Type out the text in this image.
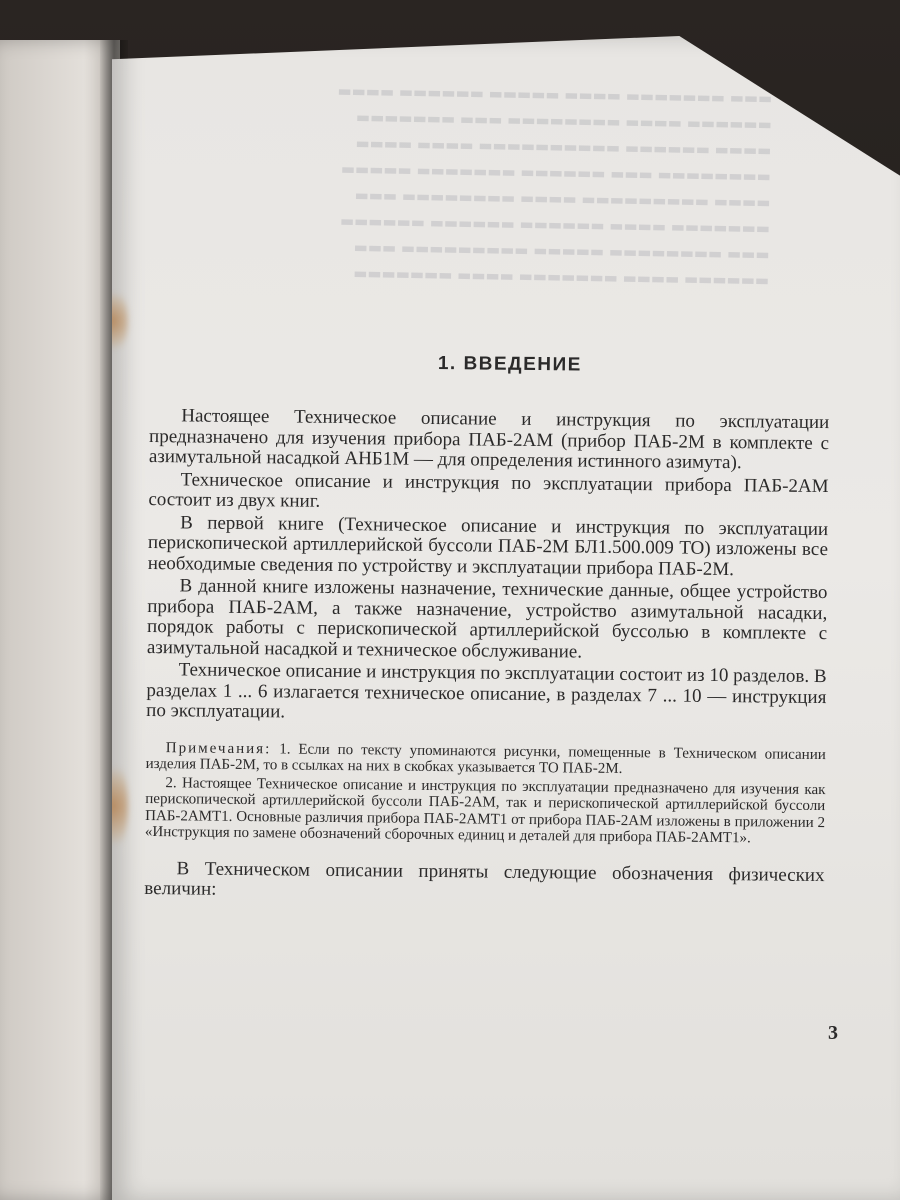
▬▬▬ ▬▬▬▬▬▬▬ ▬▬▬▬ ▬▬▬▬▬ ▬▬▬▬▬▬ ▬▬▬▬
▬▬▬▬▬▬ ▬▬▬▬ ▬▬▬▬▬▬▬▬ ▬▬▬ ▬▬▬▬▬▬▬
▬▬▬▬ ▬▬▬▬▬▬ ▬▬▬▬▬▬▬▬▬▬ ▬▬▬▬ ▬▬▬▬
▬▬▬▬▬▬▬▬ ▬▬▬ ▬▬▬▬▬▬ ▬▬▬▬▬▬▬ ▬▬▬▬▬
▬▬▬▬ ▬▬▬▬▬▬▬▬▬ ▬▬▬▬ ▬▬▬▬▬▬▬▬ ▬▬▬
▬▬▬▬▬▬▬ ▬▬▬▬ ▬▬▬▬▬▬ ▬▬▬▬▬▬ ▬▬▬▬▬▬
▬▬▬ ▬▬▬▬▬▬▬▬ ▬▬▬▬▬ ▬▬▬▬▬▬▬▬▬ ▬▬▬
▬▬▬▬▬▬ ▬▬▬▬ ▬▬▬▬▬▬▬ ▬▬▬▬ ▬▬▬▬▬▬▬
1. ВВЕДЕНИЕ

Настоящее Техническое описание и инструкция по эксплуатации предназначено для изучения прибора ПАБ-2АМ (прибор ПАБ-2М в комплекте с азимутальной насадкой АНБ1М — для определения истинного азимута).

Техническое описание и инструкция по эксплуатации прибора ПАБ-2АМ состоит из двух книг.

В первой книге (Техническое описание и инструкция по эксплуатации перископической артиллерийской буссоли ПАБ-2М БЛ1.500.009 ТО) изложены все необходимые сведения по устройству и эксплуатации прибора ПАБ-2М.

В данной книге изложены назначение, технические данные, общее устройство прибора ПАБ-2АМ, а также назначение, устройство азимутальной насадки, порядок работы с перископической артиллерийской буссолью в комплекте с азимутальной насадкой и техническое обслуживание.

Техническое описание и инструкция по эксплуатации состоит из 10 разделов. В разделах 1 ... 6 излагается техническое описание, в разделах 7 ... 10 — инструкция по эксплуатации.

Примечания: 1. Если по тексту упоминаются рисунки, помещенные в Техническом описании изделия ПАБ-2М, то в ссылках на них в скобках указывается ТО ПАБ-2М.

2. Настоящее Техническое описание и инструкция по эксплуатации предназначено для изучения как перископической артиллерийской буссоли ПАБ-2АМ, так и перископической артиллерийской буссоли ПАБ-2АМТ1. Основные различия прибора ПАБ-2АМТ1 от прибора ПАБ-2АМ изложены в приложении 2 «Инструкция по замене обозначений сборочных единиц и деталей для прибора ПАБ-2АМТ1».

В Техническом описании приняты следующие обозначения физических величин:

3
